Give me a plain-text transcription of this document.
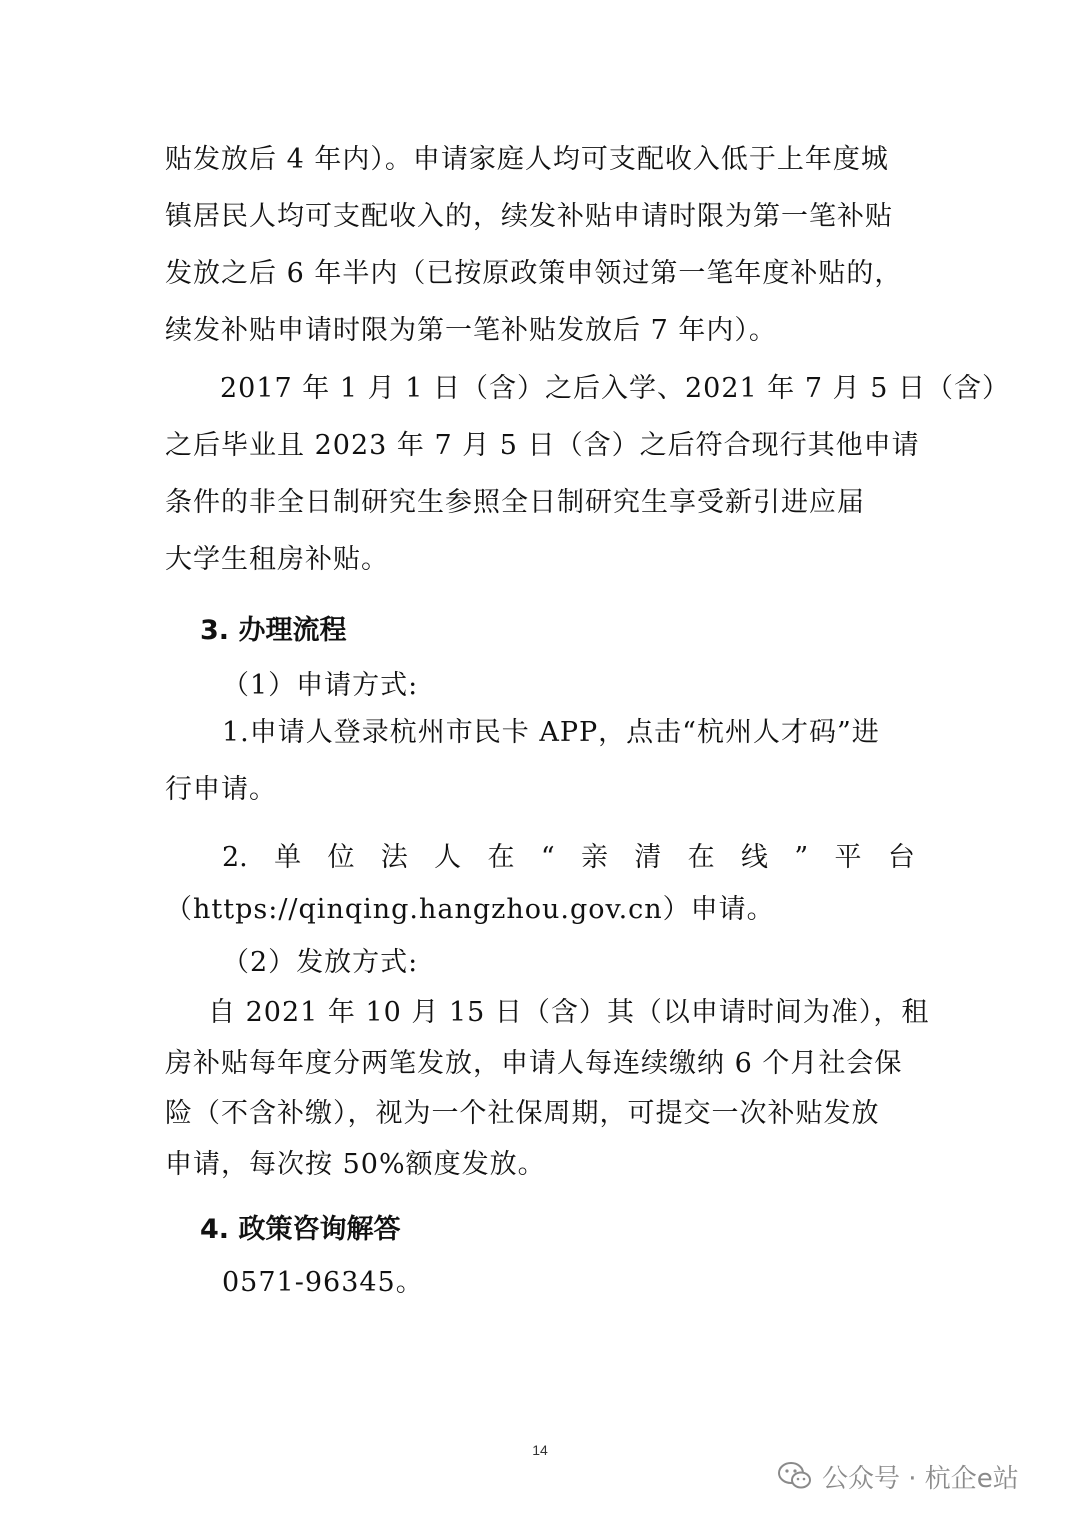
贴发放后 4 年内）。申请家庭人均可支配收入低于上年度城
镇居民人均可支配收入的，续发补贴申请时限为第一笔补贴
发放之后 6 年半内（已按原政策申领过第一笔年度补贴的，
续发补贴申请时限为第一笔补贴发放后 7 年内）。
2017 年 1 月 1 日（含）之后入学、2021 年 7 月 5 日（含）
之后毕业且 2023 年 7 月 5 日（含）之后符合现行其他申请
条件的非全日制研究生参照全日制研究生享受新引进应届
大学生租房补贴。
3. 办理流程
（1）申请方式:
1.申请人登录杭州市民卡 APP，点击“杭州人才码”进
行申请。
2. 单 位 法 人 在 “ 亲 清 在 线 ” 平 台
（https://qinqing.hangzhou.gov.cn）申请。
（2）发放方式:
自 2021 年 10 月 15 日（含）其（以申请时间为准），租
房补贴每年度分两笔发放，申请人每连续缴纳 6 个月社会保
险（不含补缴），视为一个社保周期，可提交一次补贴发放
申请，每次按 50%额度发放。
4. 政策咨询解答
0571-96345。
14
公众号 · 杭企e站
